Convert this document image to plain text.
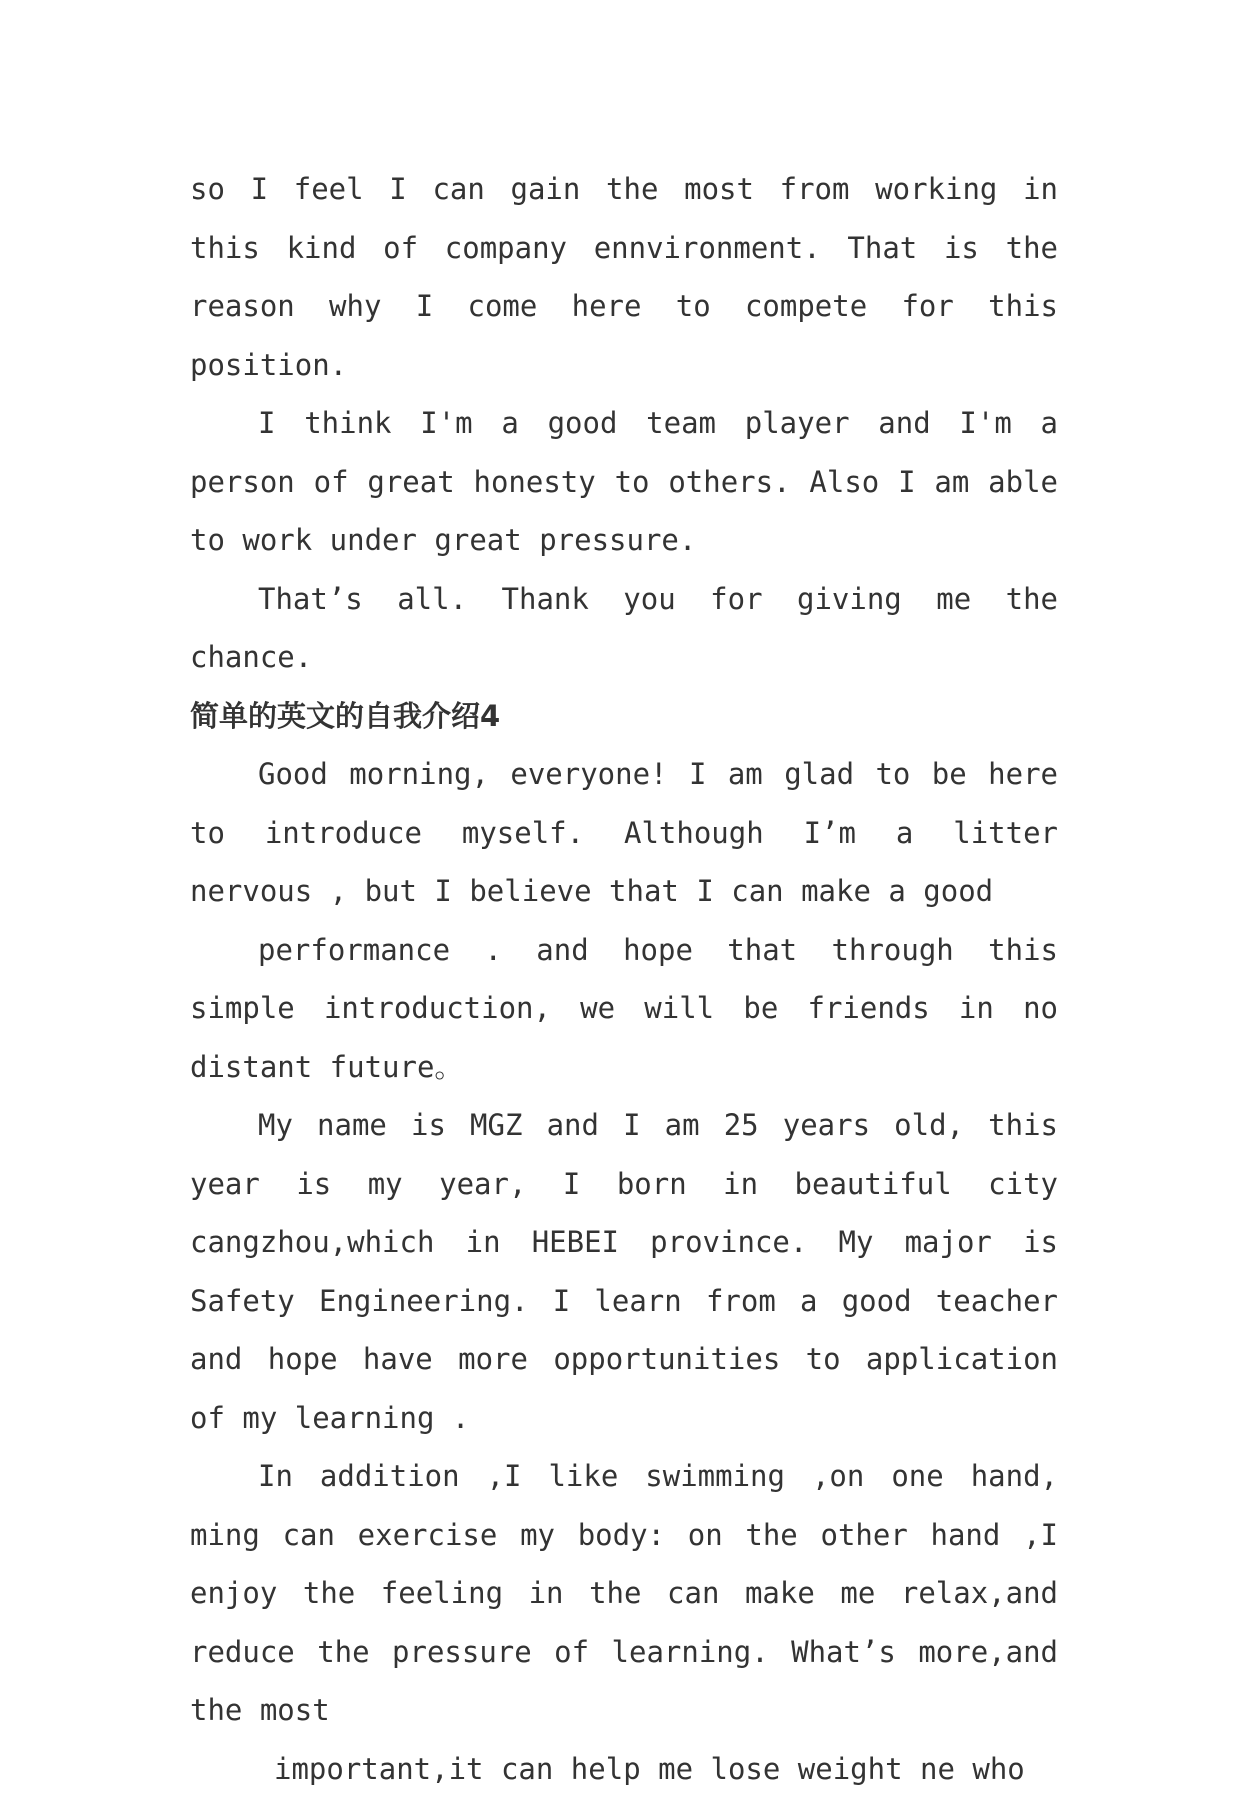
so I feel I can gain the most from working in this kind of company ennvironment. That is the reason why I come here to compete for this position.

I think I'm a good team player and I'm a person of great honesty to others. Also I am able to work under great pressure.

That’s all. Thank you for giving me the chance.

简单的英文的自我介绍4

Good morning, everyone! I am glad to be here to introduce myself. Although I’m a litter nervous , but I believe that I can make a good

performance . and hope that through this simple introduction, we will be friends in no distant future。

My name is MGZ and I am 25 years old, this year is my year, I born in beautiful city cangzhou,which in HEBEI province. My major is Safety Engineering. I learn from a good teacher and hope have more opportunities to application of my learning .

In addition ,I like swimming ,on one hand, ming can exercise my body: on the other hand ,I enjoy the feeling in the can make me relax,and reduce the pressure of learning. What’s more,and the most

important,it can help me lose weight ne who
